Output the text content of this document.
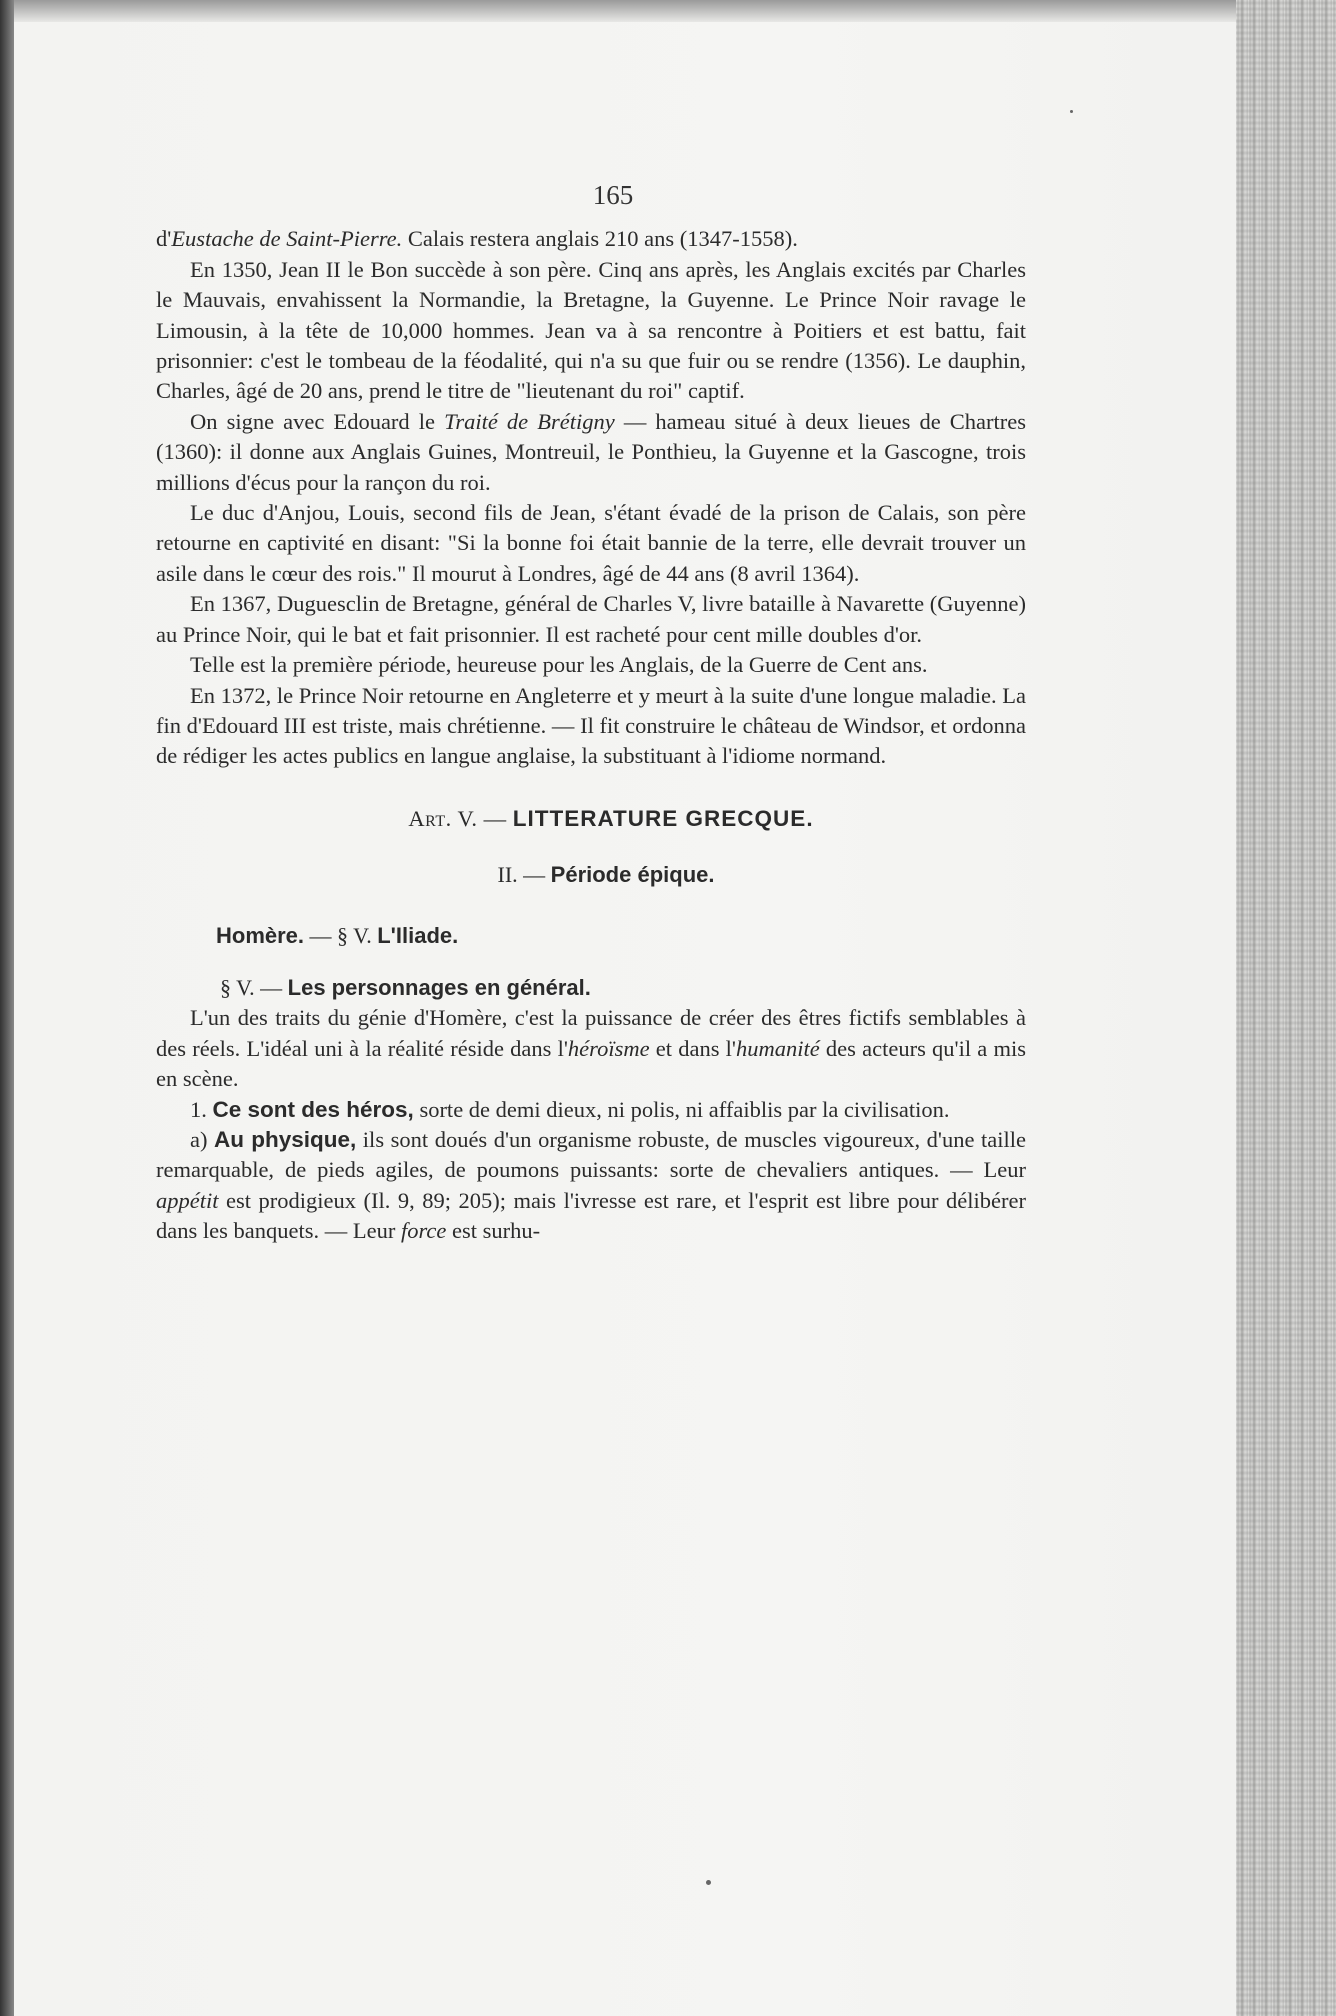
165

d'Eustache de Saint-Pierre. Calais restera anglais 210 ans (1347-1558).

En 1350, Jean II le Bon succède à son père. Cinq ans après, les Anglais excités par Charles le Mauvais, envahissent la Normandie, la Bretagne, la Guyenne. Le Prince Noir ravage le Limousin, à la tête de 10,000 hommes. Jean va à sa rencontre à Poitiers et est battu, fait prisonnier: c'est le tombeau de la féodalité, qui n'a su que fuir ou se rendre (1356). Le dauphin, Charles, âgé de 20 ans, prend le titre de "lieutenant du roi" captif.

On signe avec Edouard le Traité de Brétigny — hameau situé à deux lieues de Chartres (1360): il donne aux Anglais Guines, Montreuil, le Ponthieu, la Guyenne et la Gascogne, trois millions d'écus pour la rançon du roi.

Le duc d'Anjou, Louis, second fils de Jean, s'étant évadé de la prison de Calais, son père retourne en captivité en disant: "Si la bonne foi était bannie de la terre, elle devrait trouver un asile dans le cœur des rois." Il mourut à Londres, âgé de 44 ans (8 avril 1364).

En 1367, Duguesclin de Bretagne, général de Charles V, livre bataille à Navarette (Guyenne) au Prince Noir, qui le bat et fait prisonnier. Il est racheté pour cent mille doubles d'or.

Telle est la première période, heureuse pour les Anglais, de la Guerre de Cent ans.

En 1372, le Prince Noir retourne en Angleterre et y meurt à la suite d'une longue maladie. La fin d'Edouard III est triste, mais chrétienne. — Il fit construire le château de Windsor, et ordonna de rédiger les actes publics en langue anglaise, la substituant à l'idiome normand.

Art. V. — LITTERATURE GRECQUE.
II. — Période épique.
Homère. — § V. L'Iliade.
§ V. — Les personnages en général.

L'un des traits du génie d'Homère, c'est la puissance de créer des êtres fictifs semblables à des réels. L'idéal uni à la réalité réside dans l'héroïsme et dans l'humanité des acteurs qu'il a mis en scène.

1. Ce sont des héros, sorte de demi dieux, ni polis, ni affaiblis par la civilisation.

a) Au physique, ils sont doués d'un organisme robuste, de muscles vigoureux, d'une taille remarquable, de pieds agiles, de poumons puissants: sorte de chevaliers antiques. — Leur appétit est prodigieux (Il. 9, 89; 205); mais l'ivresse est rare, et l'esprit est libre pour délibérer dans les banquets. — Leur force est surhu-
